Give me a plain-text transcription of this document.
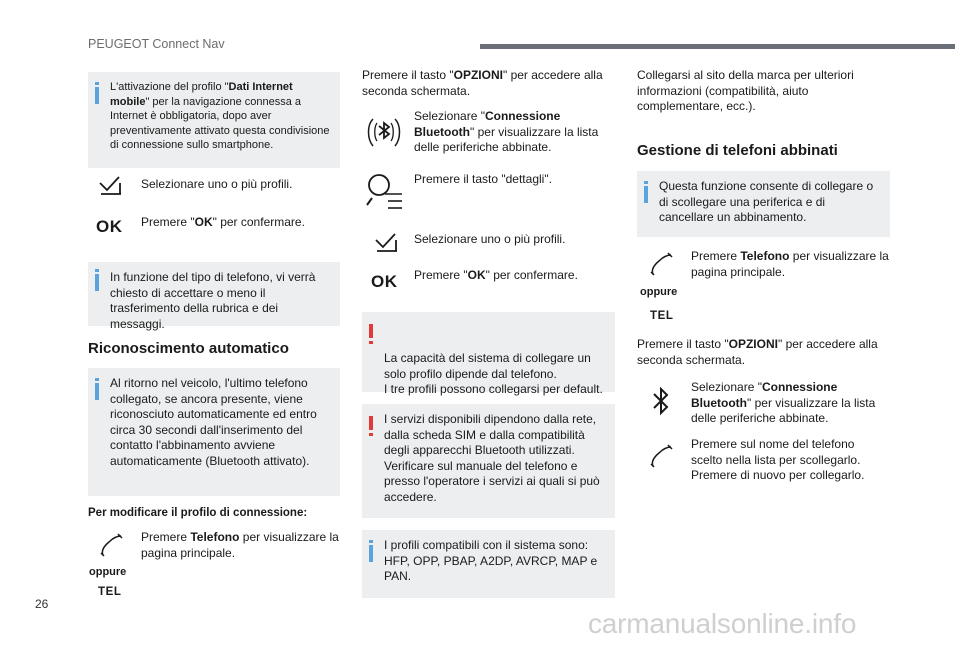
PEUGEOT Connect Nav
L'attivazione del profilo "Dati Internet mobile" per la navigazione connessa a Internet è obbligatoria, dopo aver preventivamente attivato questa condivisione di connessione sullo smartphone.
Selezionare uno o più profili.
OK Premere "OK" per confermare.
In funzione del tipo di telefono, vi verrà chiesto di accettare o meno il trasferimento della rubrica e dei messaggi.
Riconoscimento automatico
Al ritorno nel veicolo, l'ultimo telefono collegato, se ancora presente, viene riconosciuto automaticamente ed entro circa 30 secondi dall'inserimento del contatto l'abbinamento avviene automaticamente (Bluetooth attivato).
Per modificare il profilo di connessione:
Premere Telefono per visualizzare la pagina principale.
oppure
TEL
Premere il tasto "OPZIONI" per accedere alla seconda schermata.
Selezionare "Connessione Bluetooth" per visualizzare la lista delle periferiche abbinate.
Premere il tasto "dettagli".
Selezionare uno o più profili.
OK Premere "OK" per confermare.

La capacità del sistema di collegare un solo profilo dipende dal telefono.
I tre profili possono collegarsi per default.

I servizi disponibili dipendono dalla rete, dalla scheda SIM e dalla compatibilità degli apparecchi Bluetooth utilizzati. Verificare sul manuale del telefono e presso l'operatore i servizi ai quali si può accedere.
I profili compatibili con il sistema sono: HFP, OPP, PBAP, A2DP, AVRCP, MAP e PAN.
Collegarsi al sito della marca per ulteriori informazioni (compatibilità, aiuto complementare, ecc.).
Gestione di telefoni abbinati
Questa funzione consente di collegare o di scollegare una periferica e di cancellare un abbinamento.
Premere Telefono per visualizzare la pagina principale.
oppure
TEL
Premere il tasto "OPZIONI" per accedere alla seconda schermata.
Selezionare "Connessione Bluetooth" per visualizzare la lista delle periferiche abbinate.
Premere sul nome del telefono scelto nella lista per scollegarlo. Premere di nuovo per collegarlo.
26
carmanualsonline.info
